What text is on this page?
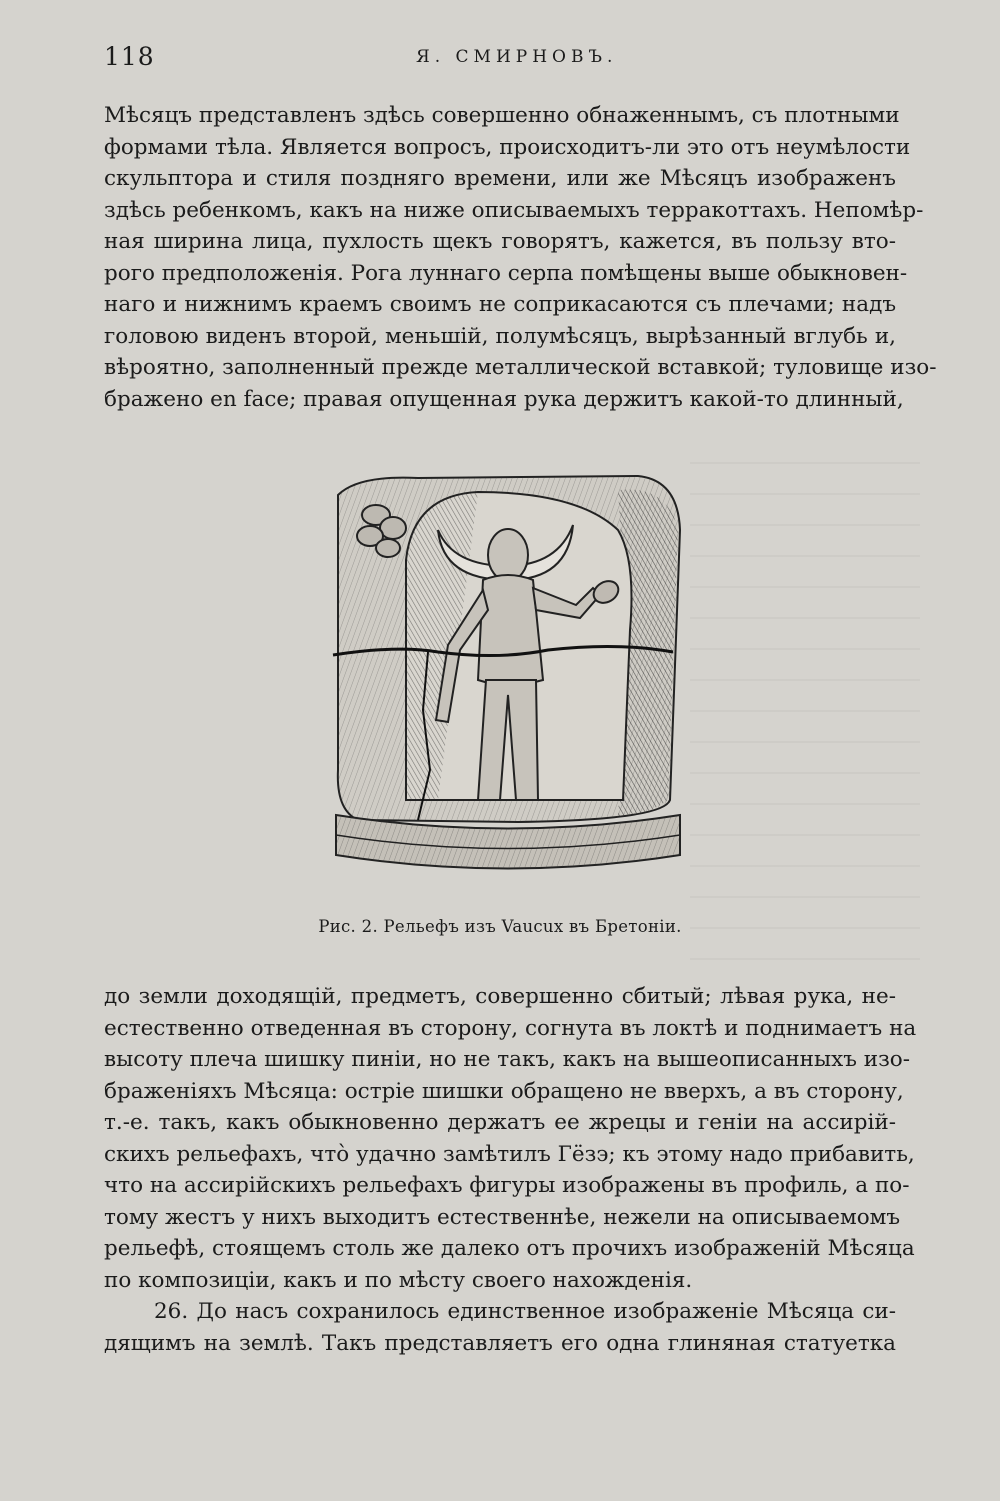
118	Я. СМИРНОВЪ.
Мѣсяцъ представленъ здѣсь совершенно обнаженнымъ, съ плотными
формами тѣла. Является вопросъ, происходитъ-ли это отъ неумѣлости
скульптора и стиля поздняго времени, или же Мѣсяцъ изображенъ
здѣсь ребенкомъ, какъ на ниже описываемыхъ терракоттахъ. Непомѣр-
ная ширина лица, пухлость щекъ говорятъ, кажется, въ пользу вто-
рого предположенія. Рога луннаго серпа помѣщены выше обыкновен-
наго и нижнимъ краемъ своимъ не соприкасаются съ плечами; надъ
головою виденъ второй, меньшій, полумѣсяцъ, вырѣзанный вглубь и,
вѣроятно, заполненный прежде металлической вставкой; туловище изо-
бражено en face; правая опущенная рука держитъ какой-то длинный,
Рис. 2. Рельефъ изъ Vaucux въ Бретоніи.
до земли доходящій, предметъ, совершенно сбитый; лѣвая рука, не-
естественно отведенная въ сторону, согнута въ локтѣ и поднимаетъ на
высоту плеча шишку пиніи, но не такъ, какъ на вышеописанныхъ изо-
браженіяхъ Мѣсяца: остріе шишки обращено не вверхъ, а въ сторону,
т.-е. такъ, какъ обыкновенно держатъ ее жрецы и геніи на ассирій-
скихъ рельефахъ, что̀ удачно замѣтилъ Гёзэ; къ этому надо прибавить,
что на ассирійскихъ рельефахъ фигуры изображены въ профиль, а по-
тому жестъ у нихъ выходитъ естественнѣе, нежели на описываемомъ
рельефѣ, стоящемъ столь же далеко отъ прочихъ изображеній Мѣсяца
по композиціи, какъ и по мѣсту своего нахожденія.
26. До насъ сохранилось единственное изображеніе Мѣсяца си-
дящимъ на землѣ. Такъ представляетъ его одна глиняная статуетка
